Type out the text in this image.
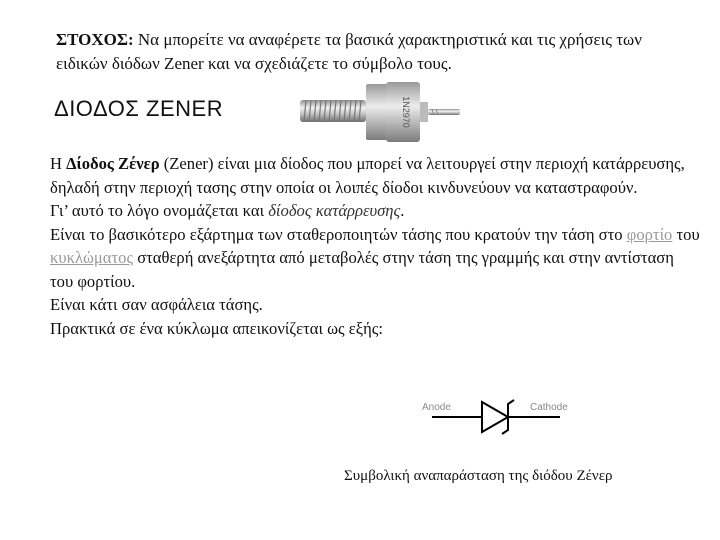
ΣΤΟΧΟΣ: Να μπορείτε να αναφέρετε τα βασικά χαρακτηριστικά και τις χρήσεις των ειδικών διόδων Zener και να σχεδιάζετε το σύμβολο τους.
ΔΙΟΔΟΣ ZENER	1N2970

Η Δίοδος Ζένερ (Zener) είναι μια δίοδος που μπορεί να λειτουργεί στην περιοχή κατάρρευσης, δηλαδή στην περιοχή τασης στην οποία οι λοιπές δίοδοι κινδυνεύουν να καταστραφούν.

Γι’ αυτό το λόγο ονομάζεται και δίοδος κατάρρευσης.

Είναι το βασικότερο εξάρτημα των σταθεροποιητών τάσης που κρατούν την τάση στο φορτίο του κυκλώματος σταθερή ανεξάρτητα από μεταβολές στην τάση της γραμμής και στην αντίσταση του φορτίου.

Είναι κάτι σαν ασφάλεια τάσης.

Πρακτικά σε ένα κύκλωμα απεικονίζεται ως εξής:

Anode	Cathode
Συμβολική αναπαράσταση της διόδου Ζένερ
